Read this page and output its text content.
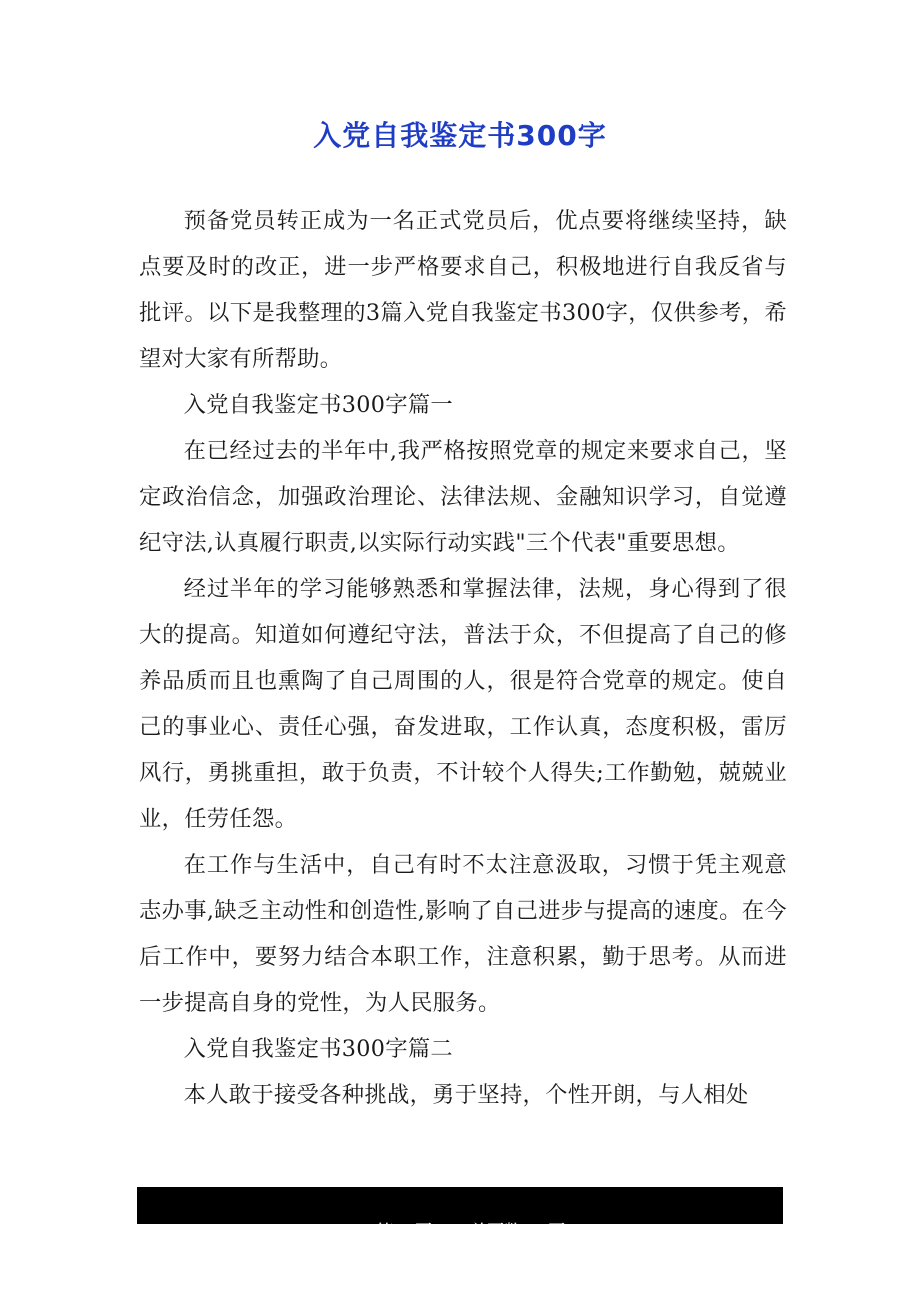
入党自我鉴定书300字

预备党员转正成为一名正式党员后，优点要将继续坚持，缺点要及时的改正，进一步严格要求自己，积极地进行自我反省与批评。以下是我整理的3篇入党自我鉴定书300字，仅供参考，希望对大家有所帮助。

入党自我鉴定书300字篇一

在已经过去的半年中,我严格按照党章的规定来要求自己，坚定政治信念，加强政治理论、法律法规、金融知识学习，自觉遵纪守法,认真履行职责,以实际行动实践"三个代表"重要思想。

经过半年的学习能够熟悉和掌握法律，法规，身心得到了很大的提高。知道如何遵纪守法，普法于众，不但提高了自己的修养品质而且也熏陶了自己周围的人，很是符合党章的规定。使自己的事业心、责任心强，奋发进取，工作认真，态度积极，雷厉风行，勇挑重担，敢于负责，不计较个人得失;工作勤勉，兢兢业业，任劳任怨。

在工作与生活中，自己有时不太注意汲取，习惯于凭主观意志办事,缺乏主动性和创造性,影响了自己进步与提高的速度。在今后工作中，要努力结合本职工作，注意积累，勤于思考。从而进一步提高自身的党性，为人民服务。

入党自我鉴定书300字篇二

本人敢于接受各种挑战，勇于坚持，个性开朗，与人相处

第 1 页   /   总页数 5  页
